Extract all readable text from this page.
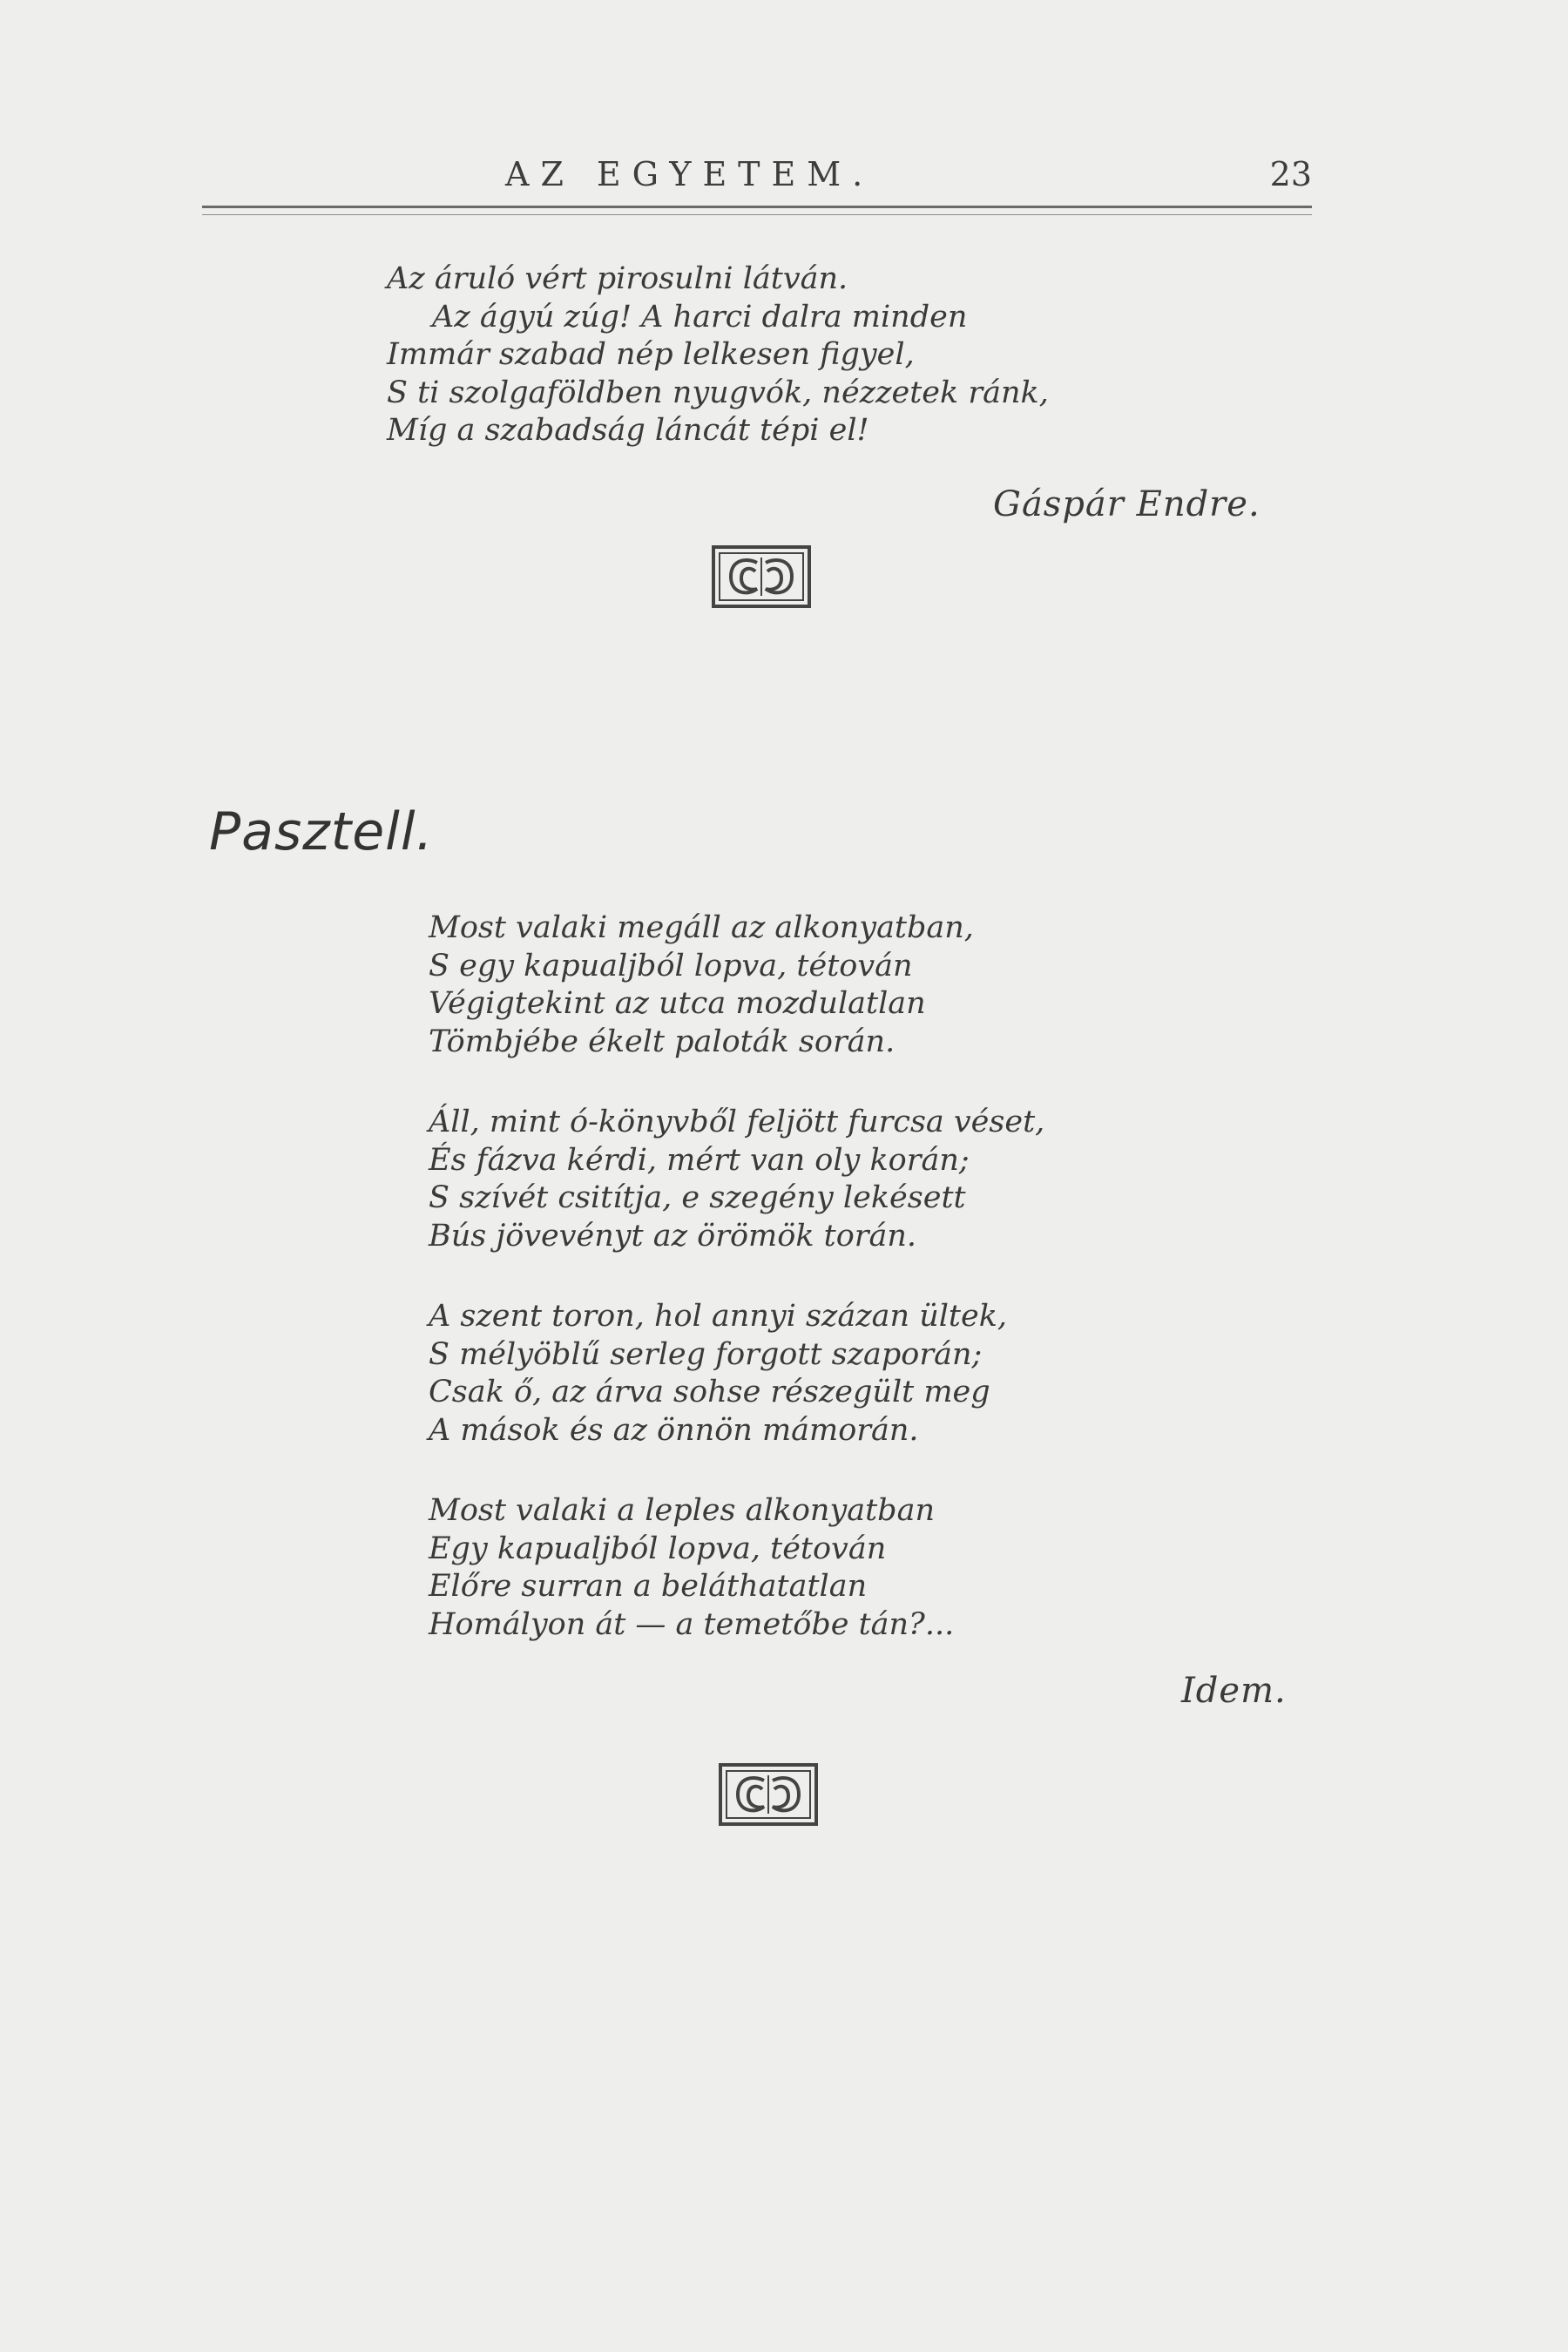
AZ EGYETEM.	23
Az áruló vért pirosulni látván.
Az ágyú zúg! A harci dalra minden
Immár szabad nép lelkesen figyel,
S ti szolgaföldben nyugvók, nézzetek ránk,
Míg a szabadság láncát tépi el!
Gáspár Endre.
Pasztell.
Most valaki megáll az alkonyatban,
S egy kapualjból lopva, tétován
Végigtekint az utca mozdulatlan
Tömbjébe ékelt paloták során.
Áll, mint ó-könyvből feljött furcsa véset,
És fázva kérdi, mért van oly korán;
S szívét csitítja, e szegény lekésett
Bús jövevényt az örömök torán.
A szent toron, hol annyi százan ültek,
S mélyöblű serleg forgott szaporán;
Csak ő, az árva sohse részegült meg
A mások és az önnön mámorán.
Most valaki a leples alkonyatban
Egy kapualjból lopva, tétován
Előre surran a beláthatatlan
Homályon át — a temetőbe tán?...
Idem.
